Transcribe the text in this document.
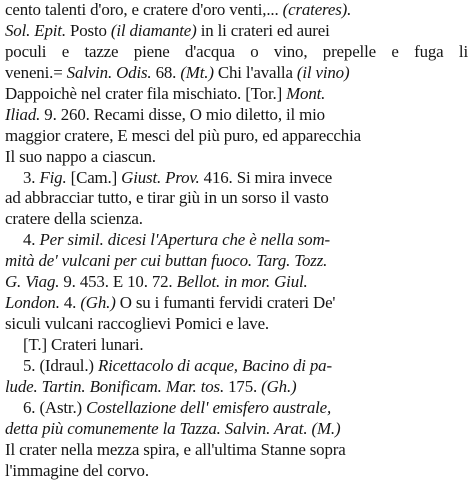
cento talenti d'oro, e cratere d'oro venti,... (crateres).
Sol. Epit. Posto (il diamante) in li crateri ed aurei
poculi e tazze piene d'acqua o vino, prepelle e fuga li
veneni.= Salvin. Odis. 68. (Mt.) Chi l'avalla (il vino)
Dappoichè nel crater fila mischiato. [Tor.] Mont.
Iliad. 9. 260. Recami disse, O mio diletto, il mio
maggior cratere, E mesci del più puro, ed apparecchia
Il suo nappo a ciascun.
3. Fig. [Cam.] Giust. Prov. 416. Si mira invece
ad abbracciar tutto, e tirar giù in un sorso il vasto
cratere della scienza.
4. Per simil. dicesi l'Apertura che è nella som-
mità de' vulcani per cui buttan fuoco. Targ. Tozz.
G. Viag. 9. 453. E 10. 72. Bellot. in mor. Giul.
London. 4. (Gh.) O su i fumanti fervidi crateri De'
siculi vulcani raccoglievi Pomici e lave.
[T.] Crateri lunari.
5. (Idraul.) Ricettacolo di acque, Bacino di pa-
lude. Tartin. Bonificam. Mar. tos. 175. (Gh.)
6. (Astr.) Costellazione dell' emisfero australe,
detta più comunemente la Tazza. Salvin. Arat. (M.)
Il crater nella mezza spira, e all'ultima Stanne sopra
l'immagine del corvo.
